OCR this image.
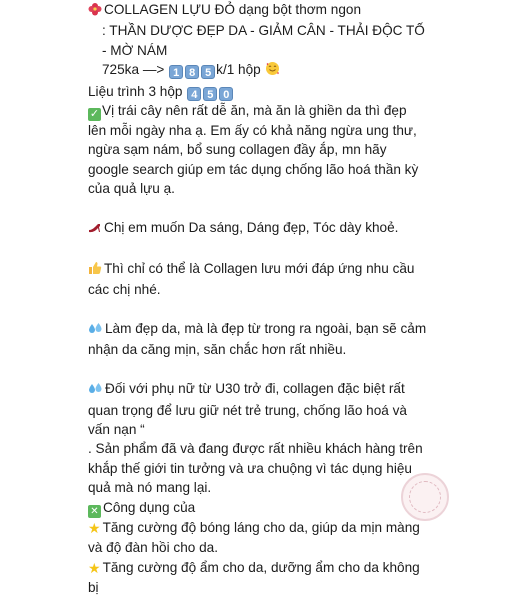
COLLAGEN LỰU ĐỎ dạng bột thơm ngon
: THẦN DƯỢC ĐẸP DA - GIẢM CÂN - THẢI ĐỘC TỐ - MỜ NÁM
725ka —> 1 8 5 k/1 hộp
Liệu trình 3 hộp 4 5 0
✓ Vị trái cây nên rất dễ ăn, mà ăn là ghiền da thì đẹp lên mỗi ngày nha ạ. Em ấy có khả năng ngừa ung thư, ngừa sạm nám, bổ sung collagen đầy ắp, mn hãy google search giúp em tác dụng chống lão hoá thần kỳ của quả lựu ạ.
Chị em muốn Da sáng, Dáng đẹp, Tóc dày khoẻ.
Thì chỉ có thể là Collagen lưu mới đáp ứng nhu cầu các chị nhé.
Làm đẹp da, mà là đẹp từ trong ra ngoài, bạn sẽ cảm nhận da căng mịn, săn chắc hơn rất nhiều.
Đối với phụ nữ từ U30 trở đi, collagen đặc biệt rất quan trọng để lưu giữ nét trẻ trung, chống lão hoá và vấn nạn “
. Sản phẩm đã và đang được rất nhiều khách hàng trên khắp thế giới tin tưởng và ưa chuộng vì tác dụng hiệu quả mà nó mang lại.
✕ Công dụng của
★ Tăng cường độ bóng láng cho da, giúp da mịn màng và độ đàn hồi cho da.
★ Tăng cường độ ẩm cho da, dưỡng ẩm cho da không bị
